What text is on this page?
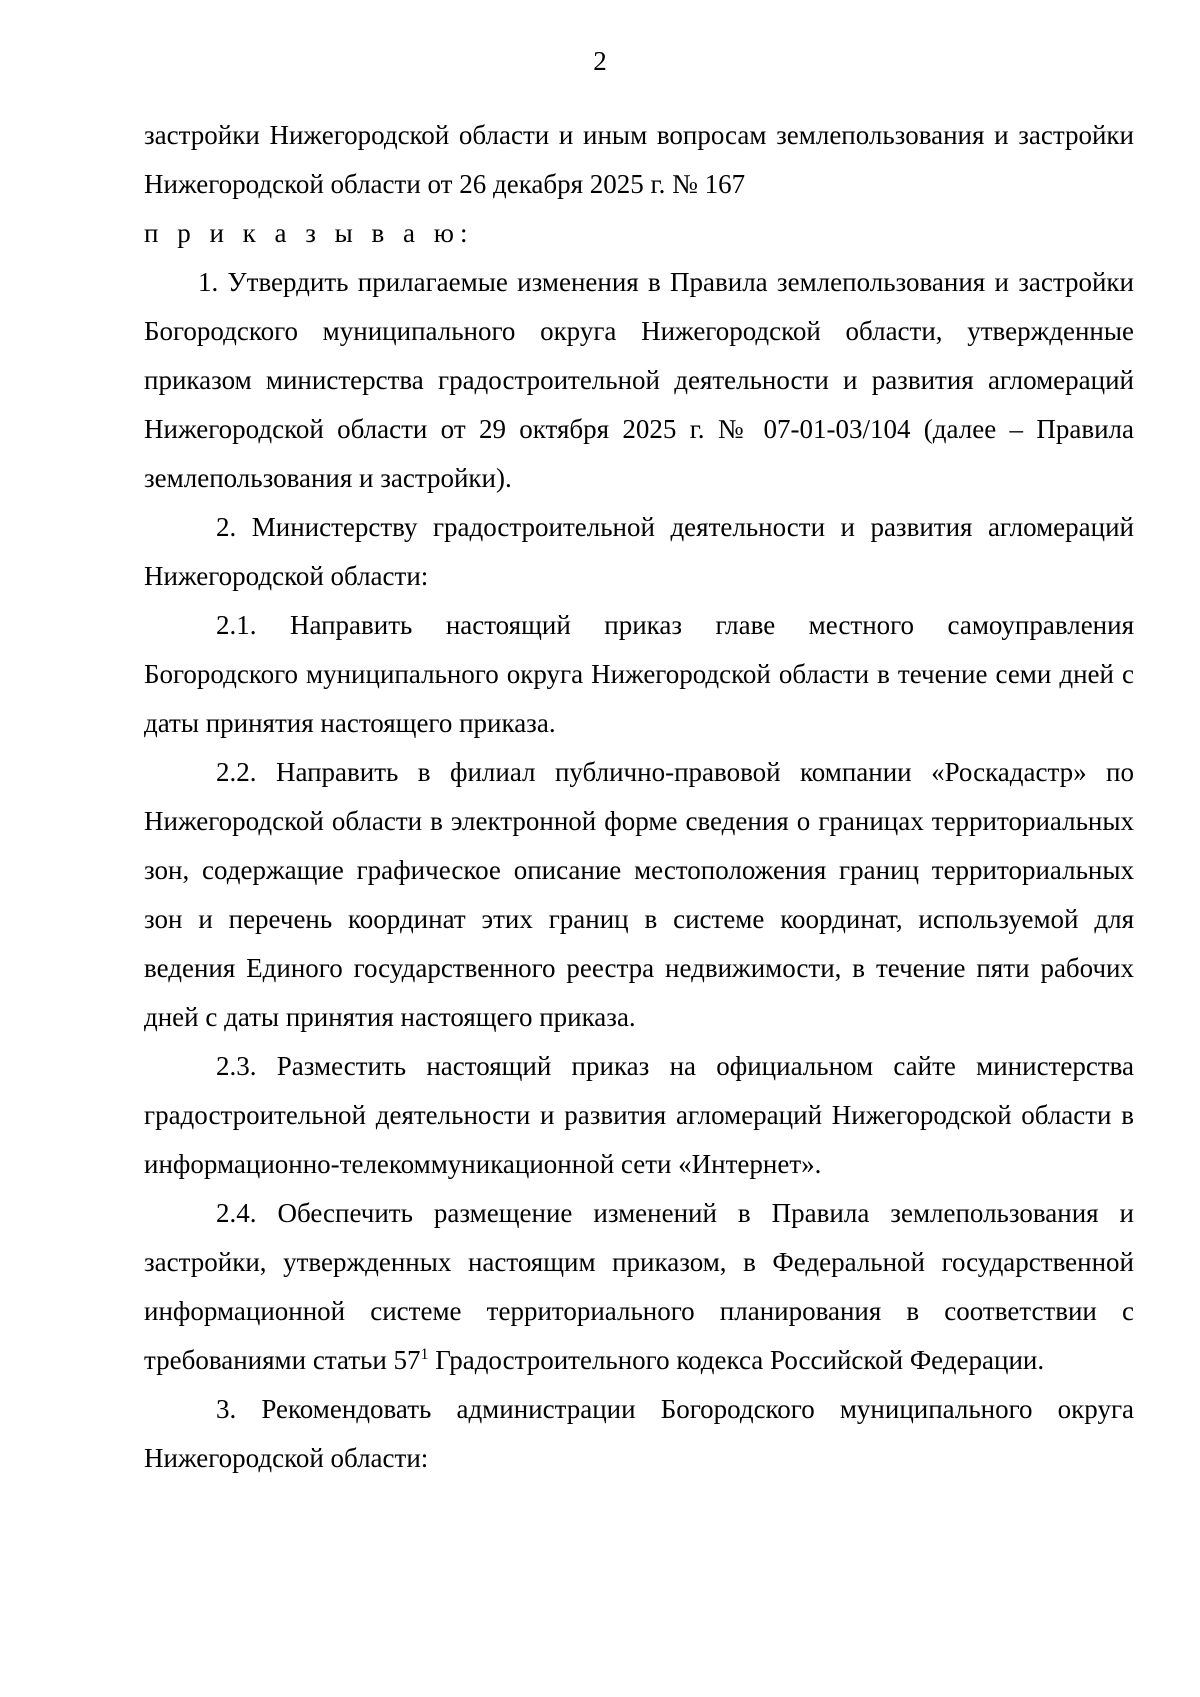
2

застройки Нижегородской области и иным вопросам землепользования и застройки Нижегородской области от 26 декабря 2025 г. № 167

п р и к а з ы в а ю:

1. Утвердить прилагаемые изменения в Правила землепользования и застройки Богородского муниципального округа Нижегородской области, утвержденные приказом министерства градостроительной деятельности и развития агломераций Нижегородской области от 29 октября 2025 г. № 07-01-03/104 (далее – Правила землепользования и застройки).

2. Министерству градостроительной деятельности и развития агломераций Нижегородской области:

2.1. Направить настоящий приказ главе местного самоуправления Богородского муниципального округа Нижегородской области в течение семи дней с даты принятия настоящего приказа.

2.2. Направить в филиал публично-правовой компании «Роскадастр» по Нижегородской области в электронной форме сведения о границах территориальных зон, содержащие графическое описание местоположения границ территориальных зон и перечень координат этих границ в системе координат, используемой для ведения Единого государственного реестра недвижимости, в течение пяти рабочих дней с даты принятия настоящего приказа.

2.3. Разместить настоящий приказ на официальном сайте министерства градостроительной деятельности и развития агломераций Нижегородской области в информационно-телекоммуникационной сети «Интернет».

2.4. Обеспечить размещение изменений в Правила землепользования и застройки, утвержденных настоящим приказом, в Федеральной государственной информационной системе территориального планирования в соответствии с требованиями статьи $57^1$ Градостроительного кодекса Российской Федерации.

3. Рекомендовать администрации Богородского муниципального округа Нижегородской области:
